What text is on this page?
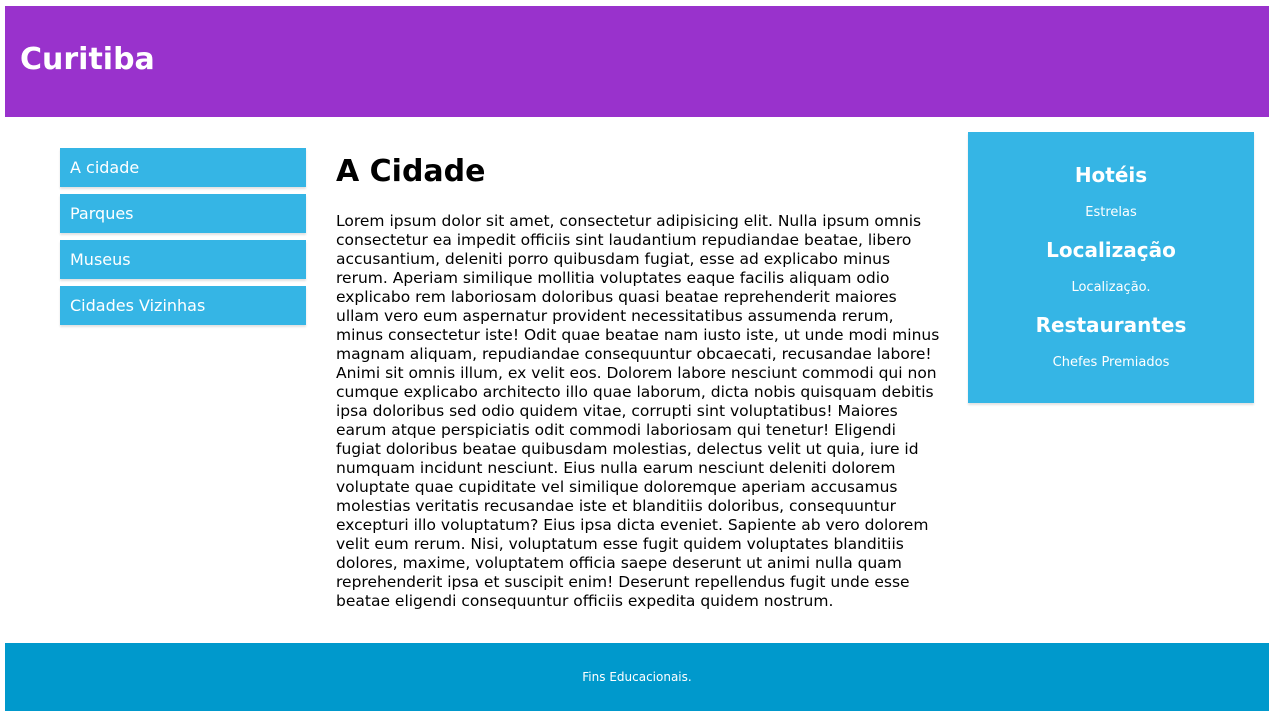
Curitiba
A cidade
Parques
Museus
Cidades Vizinhas
A Cidade

Lorem ipsum dolor sit amet, consectetur adipisicing elit. Nulla ipsum omnis consectetur ea impedit officiis sint laudantium repudiandae beatae, libero accusantium, deleniti porro quibusdam fugiat, esse ad explicabo minus rerum. Aperiam similique mollitia voluptates eaque facilis aliquam odio explicabo rem laboriosam doloribus quasi beatae reprehenderit maiores ullam vero eum aspernatur provident necessitatibus assumenda rerum, minus consectetur iste! Odit quae beatae nam iusto iste, ut unde modi minus magnam aliquam, repudiandae consequuntur obcaecati, recusandae labore! Animi sit omnis illum, ex velit eos. Dolorem labore nesciunt commodi qui non cumque explicabo architecto illo quae laborum, dicta nobis quisquam debitis ipsa doloribus sed odio quidem vitae, corrupti sint voluptatibus! Maiores earum atque perspiciatis odit commodi laboriosam qui tenetur! Eligendi fugiat doloribus beatae quibusdam molestias, delectus velit ut quia, iure id numquam incidunt nesciunt. Eius nulla earum nesciunt deleniti dolorem voluptate quae cupiditate vel similique doloremque aperiam accusamus molestias veritatis recusandae iste et blanditiis doloribus, consequuntur excepturi illo voluptatum? Eius ipsa dicta eveniet. Sapiente ab vero dolorem velit eum rerum. Nisi, voluptatum esse fugit quidem voluptates blanditiis dolores, maxime, voluptatem officia saepe deserunt ut animi nulla quam reprehenderit ipsa et suscipit enim! Deserunt repellendus fugit unde esse beatae eligendi consequuntur officiis expedita quidem nostrum.

Hotéis
Estrelas
Localização
Localização.
Restaurantes
Chefes Premiados
Fins Educacionais.
